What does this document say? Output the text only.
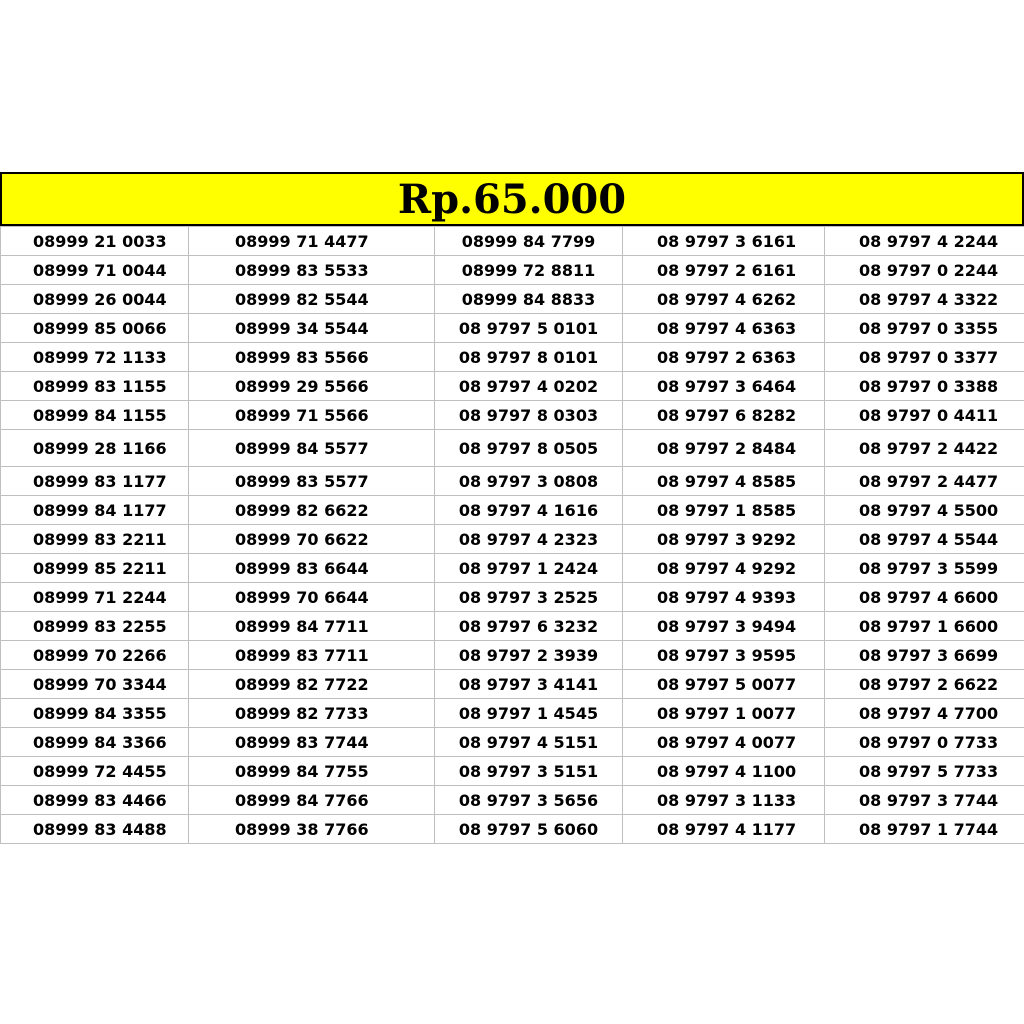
Rp.65.000
08999 21 0033	08999 71 4477	08999 84 7799	08 9797 3 6161	08 9797 4 2244
08999 71 0044	08999 83 5533	08999 72 8811	08 9797 2 6161	08 9797 0 2244
08999 26 0044	08999 82 5544	08999 84 8833	08 9797 4 6262	08 9797 4 3322
08999 85 0066	08999 34 5544	08 9797 5 0101	08 9797 4 6363	08 9797 0 3355
08999 72 1133	08999 83 5566	08 9797 8 0101	08 9797 2 6363	08 9797 0 3377
08999 83 1155	08999 29 5566	08 9797 4 0202	08 9797 3 6464	08 9797 0 3388
08999 84 1155	08999 71 5566	08 9797 8 0303	08 9797 6 8282	08 9797 0 4411
08999 28 1166	08999 84 5577	08 9797 8 0505	08 9797 2 8484	08 9797 2 4422
08999 83 1177	08999 83 5577	08 9797 3 0808	08 9797 4 8585	08 9797 2 4477
08999 84 1177	08999 82 6622	08 9797 4 1616	08 9797 1 8585	08 9797 4 5500
08999 83 2211	08999 70 6622	08 9797 4 2323	08 9797 3 9292	08 9797 4 5544
08999 85 2211	08999 83 6644	08 9797 1 2424	08 9797 4 9292	08 9797 3 5599
08999 71 2244	08999 70 6644	08 9797 3 2525	08 9797 4 9393	08 9797 4 6600
08999 83 2255	08999 84 7711	08 9797 6 3232	08 9797 3 9494	08 9797 1 6600
08999 70 2266	08999 83 7711	08 9797 2 3939	08 9797 3 9595	08 9797 3 6699
08999 70 3344	08999 82 7722	08 9797 3 4141	08 9797 5 0077	08 9797 2 6622
08999 84 3355	08999 82 7733	08 9797 1 4545	08 9797 1 0077	08 9797 4 7700
08999 84 3366	08999 83 7744	08 9797 4 5151	08 9797 4 0077	08 9797 0 7733
08999 72 4455	08999 84 7755	08 9797 3 5151	08 9797 4 1100	08 9797 5 7733
08999 83 4466	08999 84 7766	08 9797 3 5656	08 9797 3 1133	08 9797 3 7744
08999 83 4488	08999 38 7766	08 9797 5 6060	08 9797 4 1177	08 9797 1 7744
